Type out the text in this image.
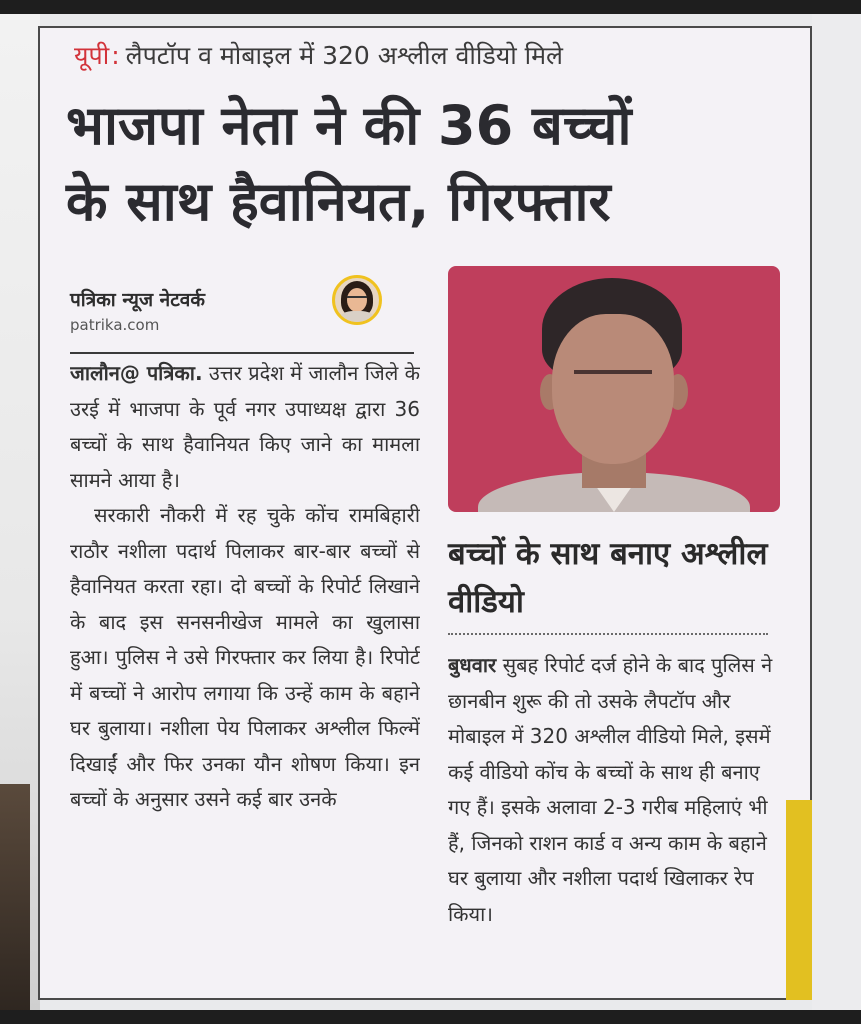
यूपी: लैपटॉप व मोबाइल में 320 अश्लील वीडियो मिले
भाजपा नेता ने की 36 बच्चों
के साथ हैवानियत, गिरफ्तार
पत्रिका न्यूज नेटवर्क
patrika.com

जालौन@ पत्रिका. उत्तर प्रदेश में जालौन जिले के उरई में भाजपा के पूर्व नगर उपाध्यक्ष द्वारा 36 बच्चों के साथ हैवानियत किए जाने का मामला सामने आया है।

सरकारी नौकरी में रह चुके कोंच रामबिहारी राठौर नशीला पदार्थ पिलाकर बार-बार बच्चों से हैवानियत करता रहा। दो बच्चों के रिपोर्ट लिखाने के बाद इस सनसनीखेज मामले का खुलासा हुआ। पुलिस ने उसे गिरफ्तार कर लिया है। रिपोर्ट में बच्चों ने आरोप लगाया कि उन्हें काम के बहाने घर बुलाया। नशीला पेय पिलाकर अश्लील फिल्में दिखाईं और फिर उनका यौन शोषण किया। इन बच्चों के अनुसार उसने कई बार उनके

बच्चों के साथ बनाए अश्लील वीडियो

बुधवार सुबह रिपोर्ट दर्ज होने के बाद पुलिस ने छानबीन शुरू की तो उसके लैपटॉप और मोबाइल में 320 अश्लील वीडियो मिले, इसमें कई वीडियो कोंच के बच्चों के साथ ही बनाए गए हैं। इसके अलावा 2-3 गरीब महिलाएं भी हैं, जिनको राशन कार्ड व अन्य काम के बहाने घर बुलाया और नशीला पदार्थ खिलाकर रेप किया।
